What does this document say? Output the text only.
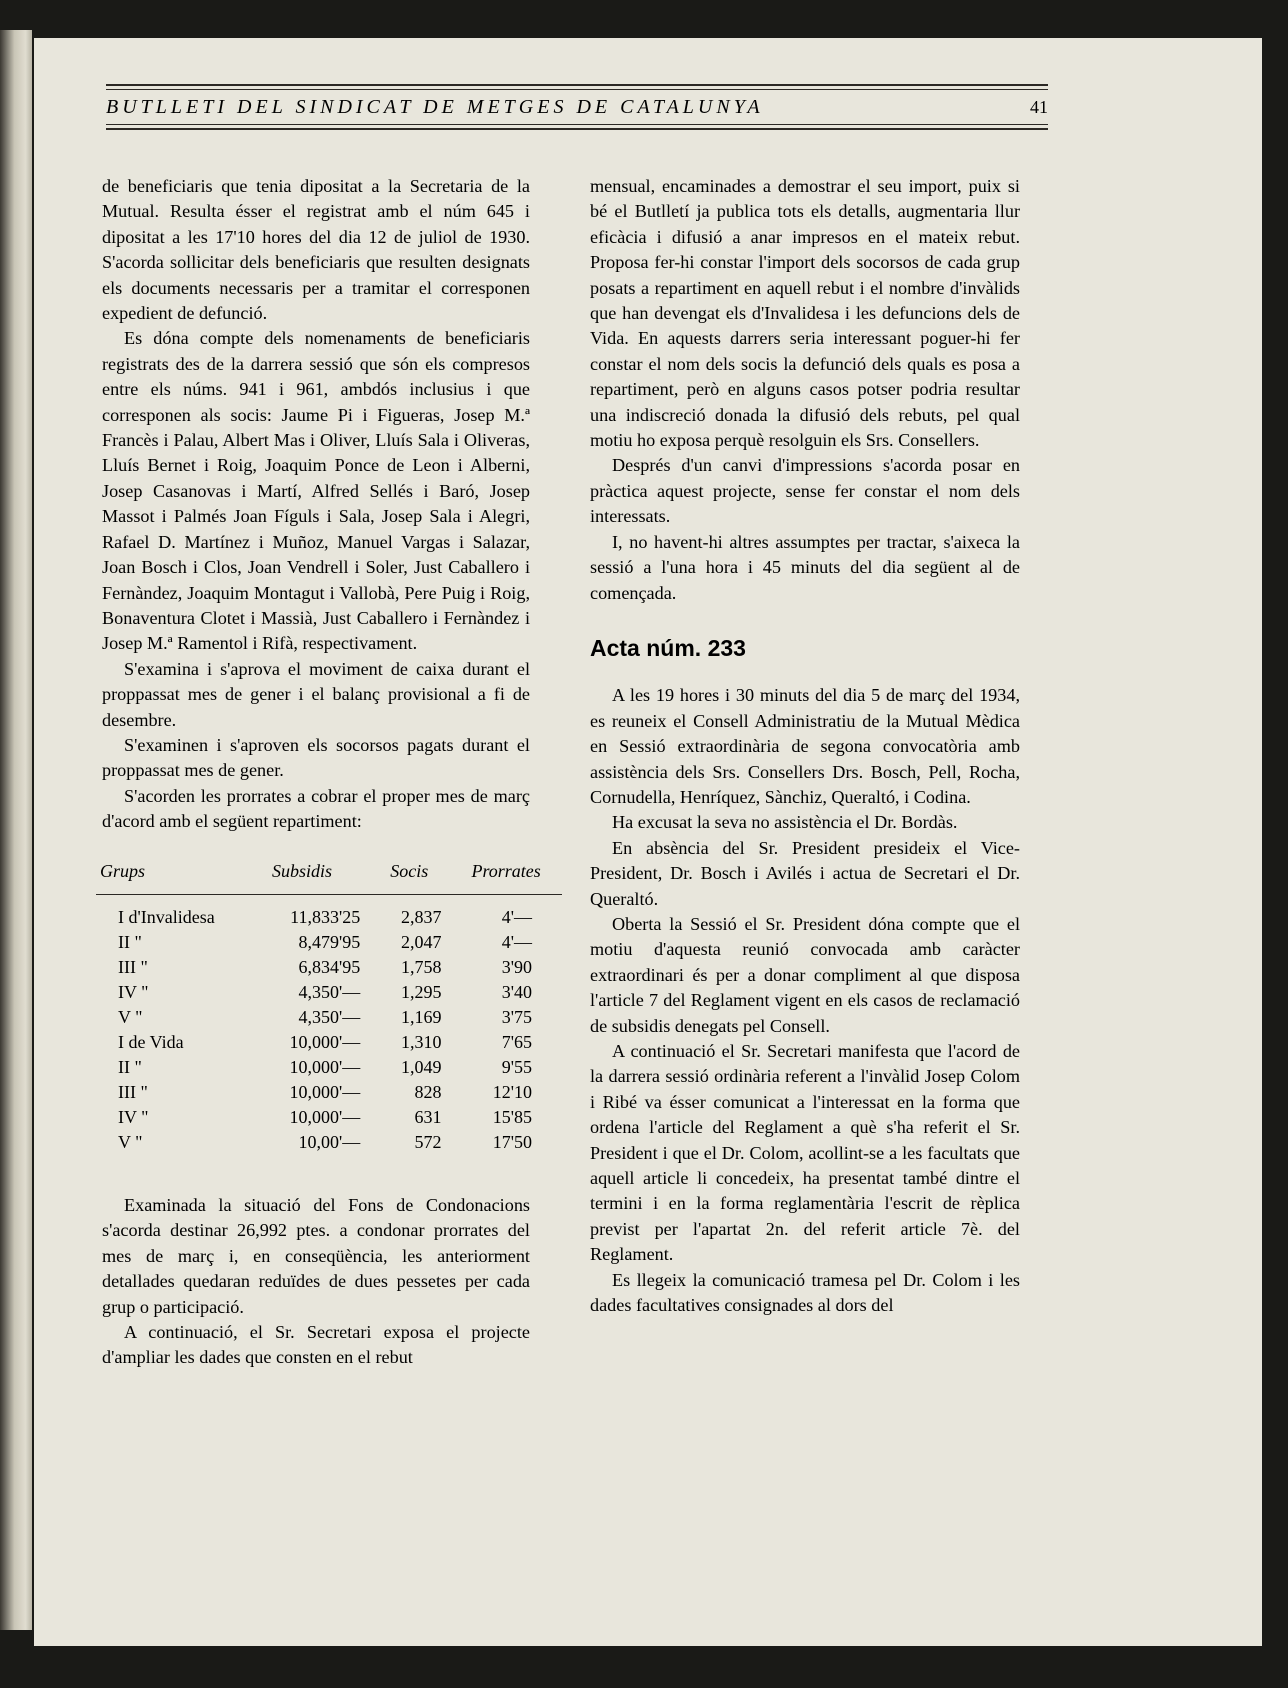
BUTLLETI DEL SINDICAT DE METGES DE CATALUNYA	41

de beneficiaris que tenia dipositat a la Secretaria de la Mutual. Resulta ésser el registrat amb el núm 645 i dipositat a les 17'10 hores del dia 12 de juliol de 1930. S'acorda sollicitar dels beneficiaris que resulten designats els documents necessaris per a tramitar el corresponen expedient de defunció.

Es dóna compte dels nomenaments de beneficiaris registrats des de la darrera sessió que són els compresos entre els núms. 941 i 961, ambdós inclusius i que corresponen als socis: Jaume Pi i Figueras, Josep M.ª Francès i Palau, Albert Mas i Oliver, Lluís Sala i Oliveras, Lluís Bernet i Roig, Joaquim Ponce de Leon i Alberni, Josep Casanovas i Martí, Alfred Sellés i Baró, Josep Massot i Palmés Joan Fíguls i Sala, Josep Sala i Alegri, Rafael D. Martínez i Muñoz, Manuel Vargas i Salazar, Joan Bosch i Clos, Joan Vendrell i Soler, Just Caballero i Fernàndez, Joaquim Montagut i Vallobà, Pere Puig i Roig, Bonaventura Clotet i Massià, Just Caballero i Fernàndez i Josep M.ª Ramentol i Rifà, respectivament.

S'examina i s'aprova el moviment de caixa durant el proppassat mes de gener i el balanç provisional a fi de desembre.

S'examinen i s'aproven els socorsos pagats durant el proppassat mes de gener.

S'acorden les prorrates a cobrar el proper mes de març d'acord amb el següent repartiment:

Grups		Subsidis		Socis		Prorrates
I d'Invalidesa		11,833'25		2,837		4'—
II "		8,479'95		2,047		4'—
III "		6,834'95		1,758		3'90
IV "		4,350'—		1,295		3'40
V "		4,350'—		1,169		3'75
I de Vida		10,000'—		1,310		7'65
II "		10,000'—		1,049		9'55
III "		10,000'—		828		12'10
IV "		10,000'—		631		15'85
V "		10,00'—		572		17'50

Examinada la situació del Fons de Condonacions s'acorda destinar 26,992 ptes. a condonar prorrates del mes de març i, en conseqüència, les anteriorment detallades quedaran reduïdes de dues pessetes per cada grup o participació.

A continuació, el Sr. Secretari exposa el projecte d'ampliar les dades que consten en el rebut

mensual, encaminades a demostrar el seu import, puix si bé el Butlletí ja publica tots els detalls, augmentaria llur eficàcia i difusió a anar impresos en el mateix rebut. Proposa fer-hi constar l'import dels socorsos de cada grup posats a repartiment en aquell rebut i el nombre d'invàlids que han devengat els d'Invalidesa i les defuncions dels de Vida. En aquests darrers seria interessant poguer-hi fer constar el nom dels socis la defunció dels quals es posa a repartiment, però en alguns casos potser podria resultar una indiscreció donada la difusió dels rebuts, pel qual motiu ho exposa perquè resolguin els Srs. Consellers.

Després d'un canvi d'impressions s'acorda posar en pràctica aquest projecte, sense fer constar el nom dels interessats.

I, no havent-hi altres assumptes per tractar, s'aixeca la sessió a l'una hora i 45 minuts del dia següent al de començada.

Acta núm. 233

A les 19 hores i 30 minuts del dia 5 de març del 1934, es reuneix el Consell Administratiu de la Mutual Mèdica en Sessió extraordinària de segona convocatòria amb assistència dels Srs. Consellers Drs. Bosch, Pell, Rocha, Cornudella, Henríquez, Sànchiz, Queraltó, i Codina.

Ha excusat la seva no assistència el Dr. Bordàs.

En absència del Sr. President presideix el Vice-President, Dr. Bosch i Avilés i actua de Secretari el Dr. Queraltó.

Oberta la Sessió el Sr. President dóna compte que el motiu d'aquesta reunió convocada amb caràcter extraordinari és per a donar compliment al que disposa l'article 7 del Reglament vigent en els casos de reclamació de subsidis denegats pel Consell.

A continuació el Sr. Secretari manifesta que l'acord de la darrera sessió ordinària referent a l'invàlid Josep Colom i Ribé va ésser comunicat a l'interessat en la forma que ordena l'article del Reglament a què s'ha referit el Sr. President i que el Dr. Colom, acollint-se a les facultats que aquell article li concedeix, ha presentat també dintre el termini i en la forma reglamentària l'escrit de rèplica previst per l'apartat 2n. del referit article 7è. del Reglament.

Es llegeix la comunicació tramesa pel Dr. Colom i les dades facultatives consignades al dors del
